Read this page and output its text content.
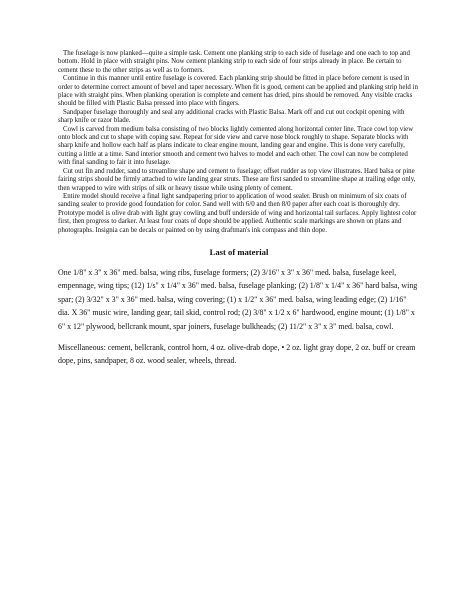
The fuselage is now planked—quite a simple task. Cement one planking strip to each side of fuselage and one each to top and bottom. Hold in place with straight pins. Now cement planking strip to each side of four strips already in place. Be certain to cement these to the other strips as well as to formers.

Continue in this manner until entire fuselage is covered. Each planking strip should be fitted in place before cement is used in order to determine correct amount of bevel and taper necessary. When fit is good, cement can be applied and planking strip held in place with straight pins. When planking operation is complete and cement has dried, pins should be removed. Any visible cracks should be filled with Plastic Balsa pressed into place with fingers.

Sandpaper fuselage thoroughly and seal any additional cracks with Plastic Balsa. Mark off and cut out cockpit opening with sharp knife or razor blade.

Cowl is carved from medium balsa consisting of two blocks lightly cemented along horizontal center line. Trace cowl top view onto block and cut to shape with coping saw. Repeat for side view and carve nose block roughly to shape. Separate blocks with sharp knife and hollow each half as plans indicate to clear engine mount, landing gear and engine. This is done very carefully, cutting a little at a time. Sand interior smooth and cement two halves to model and each other. The cowl can now be completed with final sanding to fair it into fuselage.

Cut out fin and rudder, sand to streamline shape and cement to fuselage; offset rudder as top view illustrates. Hard balsa or pine fairing strips should be firmly attached to wire landing gear struts. These are first sanded to streamline shape at trailing edge only, then wrapped to wire with strips of silk or heavy tissue while using plenty of cement.

Entire model should receive a final light sandpapering prior to application of wood sealer. Brush on minimum of six coats of sanding sealer to provide good foundation for color. Sand well with 6/0 and then 8/0 paper after each coat is thoroughly dry. Prototype model is olive drab with light gray cowling and buff underside of wing and horizontal tail surfaces. Apply lightest color first, then progress to darker. At least four coats of dope should be applied. Authentic scale markings are shown on plans and photographs. Insignia can be decals or painted on by using draftman's ink compass and thin dope.

Last of material

One 1/8" x 3" x 36" med. balsa, wing ribs, fuselage formers; (2) 3/16" x 3" x 36" med. balsa, fuselage keel, empennage, wing tips; (12) 1/s" x 1/4" x 36" med. balsa, fuselage planking; (2) 1/8" x 1/4" x 36" hard balsa, wing spar; (2) 3/32" x 3" x 36" med. balsa, wing covering; (1) x 1/2" x 36" med. balsa, wing leading edge; (2) 1/16" dia. X 36" music wire, landing gear, tail skid, control rod; (2) 3/8" x 1/2 x 6" hardwood, engine mount; (1) 1/8" x 6" x 12" plywood, bellcrank mount, spar joiners, fuselage bulkheads; (2) 11/2" x 3" x 3" med. balsa, cowl.

Miscellaneous: cement, bellcrank, control horn, 4 oz. olive-drab dope, • 2 oz. light gray dope, 2 oz. buff or cream dope, pins, sandpaper, 8 oz. wood sealer, wheels, thread.
